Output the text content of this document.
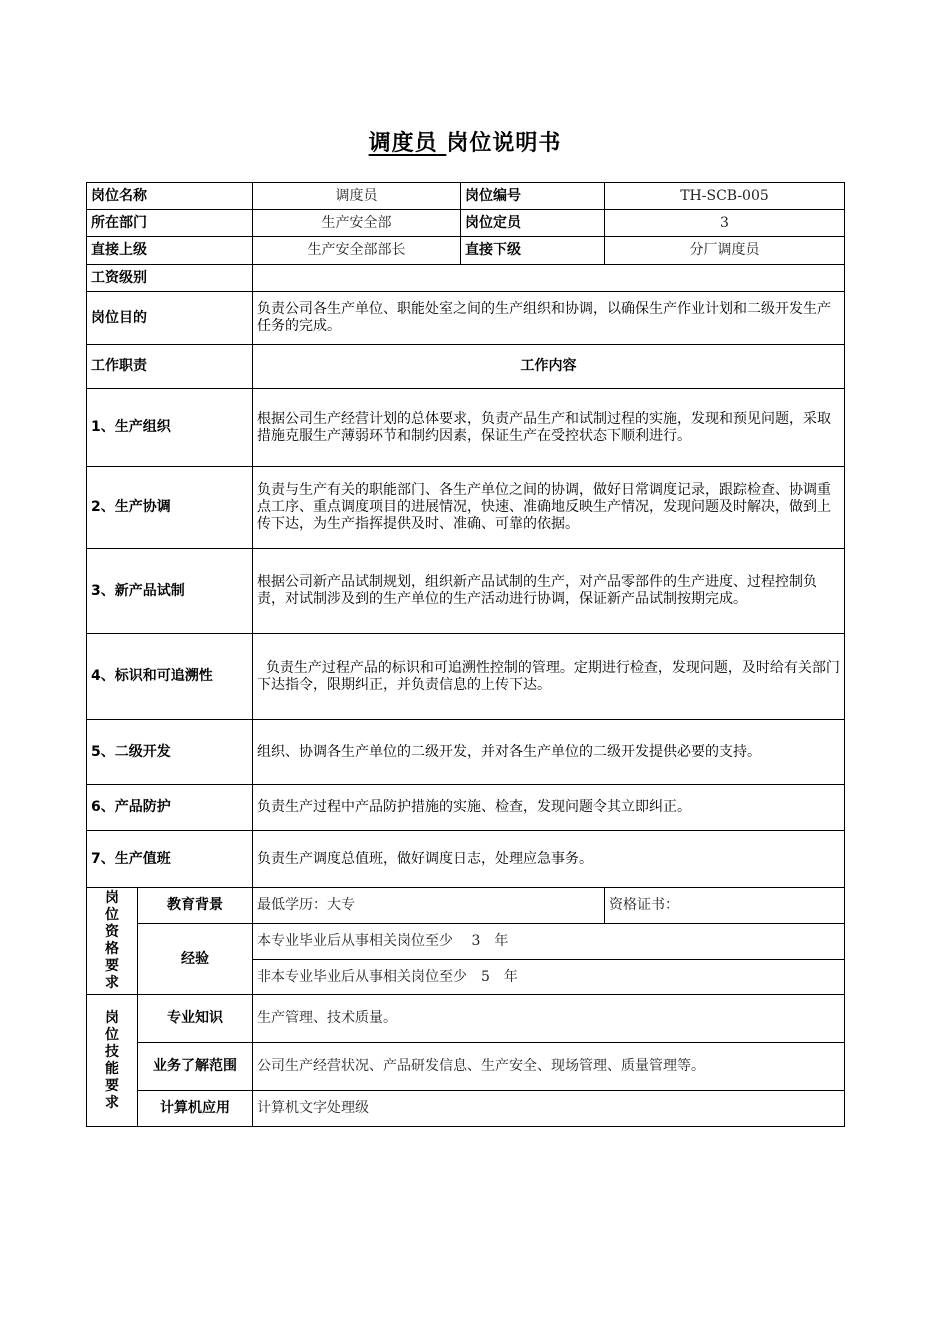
调度员 岗位说明书
岗位名称		调度员	岗位编号	TH-SCB-005
所在部门		生产安全部	岗位定员	3
直接上级		生产安全部部长	直接下级	分厂调度员
工资级别				
岗位目的		负责公司各生产单位、职能处室之间的生产组织和协调，以确保生产作业计划和二级开发生产任务的完成。		
工作职责		工作内容		
1、生产组织		根据公司生产经营计划的总体要求，负责产品生产和试制过程的实施，发现和预见问题，采取措施克服生产薄弱环节和制约因素，保证生产在受控状态下顺利进行。		
2、生产协调		负责与生产有关的职能部门、各生产单位之间的协调，做好日常调度记录，跟踪检查、协调重点工序、重点调度项目的进展情况，快速、准确地反映生产情况，发现问题及时解决，做到上传下达，为生产指挥提供及时、准确、可靠的依据。		
3、新产品试制		根据公司新产品试制规划，组织新产品试制的生产，对产品零部件的生产进度、过程控制负责，对试制涉及到的生产单位的生产活动进行协调，保证新产品试制按期完成。		
4、标识和可追溯性		负责生产过程产品的标识和可追溯性控制的管理。定期进行检查，发现问题，及时给有关部门下达指令，限期纠正，并负责信息的上传下达。		
5、二级开发		组织、协调各生产单位的二级开发，并对各生产单位的二级开发提供必要的支持。		
6、产品防护		负责生产过程中产品防护措施的实施、检查，发现问题令其立即纠正。		
7、生产值班		负责生产调度总值班，做好调度日志，处理应急事务。		

岗位资格要求	教育背景	最低学历：大专		资格证书：
	经验	本专业毕业后从事相关岗位至少　 3　年		
		非本专业毕业后从事相关岗位至少　5　年		

岗位技能要求	专业知识	生产管理、技术质量。		
	业务了解范围	公司生产经营状况、产品研发信息、生产安全、现场管理、质量管理等。		
	计算机应用	计算机文字处理级		
